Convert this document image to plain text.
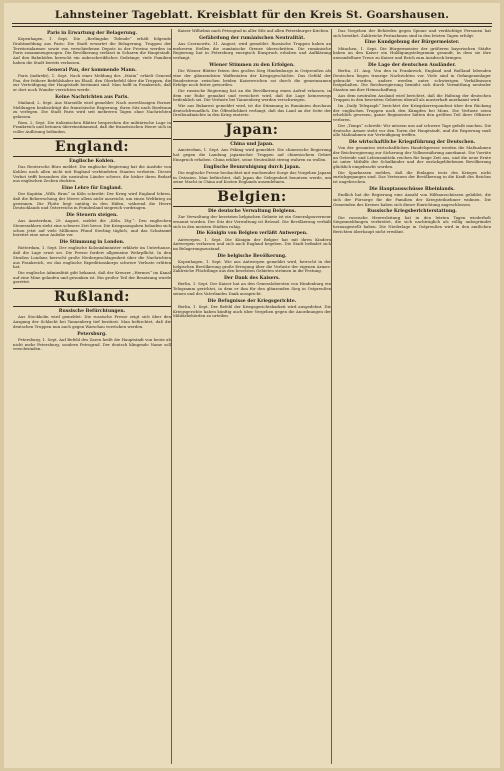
Lahnsteiner Tageblatt. Kreisblatt für den Kreis St. Goarshausen.

Paris in Erwartung der Belagerung.

Kopenhagen, 1. Sept. Die „Berlingske Tidende“ erhält folgende Drahtmeldung aus Paris: Die Stadt erwartet die Belagerung. Truppen der Territorialarmee sowie von verschiedenen Depots in der Provinz werden in Paris zusammengezogen. Die Bevölkerung verlässt in Scharen die Hauptstadt. Auf den Bahnhöfen herrscht ein unbeschreibliches Gedränge; viele Familien haben die Stadt bereits verlassen.

General Pau, der kommende Mann.

Paris (indirekt), 1. Sept. Nach einer Meldung des „Matin“ erhielt General Pau, der frühere Befehlshaber im Elsaß, den Oberbefehl über die Truppen, die zur Verteidigung der Hauptstadt bestimmt sind. Man hofft in Frankreich, daß er dort noch Wunder verrichten werde.

Keine Nachrichten aus Paris.

Mailand, 2. Sept. Aus Marseille wird gemeldet: Nach zuverlässigen Pariser Meldungen beabsichtigt die französische Regierung, ihren Sitz nach Bordeaux zu verlegen. Die Stadt Paris wird seit mehreren Tagen ohne Nachrichten gelassen.

Rom, 2. Sept. Die italienischen Blätter besprechen die militärische Lage in Frankreich und betonen übereinstimmend, daß die französischen Heere sich in voller Auflösung befänden.

England:

Englische Kohlen.

Das Reutersche Büro meldet: Die englische Regierung hat die Ausfuhr von Kohlen nach allen nicht mit England verbündeten Staaten verboten. Dieses Verbot trifft besonders die neutralen Länder schwer, die bisher ihren Bedarf aus englischen Zechen deckten.

Eine Lehre für England.

Der Kapitän „Wilh. Brun“ in Köln schreibt: Der Krieg wird England lehren, daß die Beherrschung der Meere allein nicht ausreicht, um einen Weltkrieg zu gewinnen. Die Flotte liegt untätig in den Häfen, während die Heere Deutschlands und Österreichs in Feindesland siegreich vordringen.

Die Steuern steigen.

Aus Amsterdam, 29. August, meldet die „Köln. Ztg.“: Den englischen Steuerzahlern steht eine schwere Zeit bevor. Die Kriegsausgaben belaufen sich schon jetzt auf viele Millionen Pfund Sterling täglich, und das Schatzamt bereitet eine neue Anleihe vor.

Die Stimmung in London.

Rotterdam, 1. Sept. Der englische Kolonialminister erklärte im Unterhause, daß die Lage ernst sei. Die Presse fordert allgemeine Wehrpflicht. In den Straßen Londons herrscht große Niedergeschlagenheit über die Nachrichten aus Frankreich, wo das englische Expeditionskorps schwere Verluste erlitten hat.

Die englische Admiralität gibt bekannt, daß der Kreuzer „Hermes“ im Kanal auf eine Mine gelaufen und gesunken ist. Ein großer Teil der Besatzung wurde gerettet.

Rußland:

Russische Befürchtungen.

Aus Stockholm wird gemeldet: Die russische Presse zeigt sich über den Ausgang der Schlacht bei Tannenberg tief bestürzt. Man befürchtet, daß die deutschen Truppen nun auch gegen Warschau vorrücken werden.

Petersburg.

Petersburg, 1. Sept. Auf Befehl des Zaren heißt die Hauptstadt von heute ab nicht mehr Petersburg, sondern Petrograd. Der deutsch klingende Name soll verschwinden.

Kaiser Wilhelms nach Petrograd in aller Eile auf allen Petersburger Kirchen.

Gefährdung der rumänischen Neutralität.

Aus Czernowitz, 31. August, wird gemeldet: Russische Truppen haben an mehreren Stellen die rumänische Grenze überschritten. Die rumänische Regierung hat in Petersburg energisch Einspruch erhoben und Aufklärung verlangt.

Wiener Stimmen zu den Erfolgen.

Die Wiener Blätter feiern den großen Sieg Hindenburgs in Ostpreußen als eine der glänzendsten Waffentaten der Kriegsgeschichte. Das Gefühl der Bundestreue zwischen beiden Kaiserreichen sei durch die gemeinsamen Erfolge noch fester geworden.

Die russische Regierung hat an die Bevölkerung einen Aufruf erlassen, in dem zur Ruhe gemahnt und versichert wird, daß die Lage keineswegs bedenklich sei. Die Verluste bei Tannenberg werden verschwiegen.

Wie aus Bukarest gemeldet wird, ist die Stimmung in Rumänien durchaus deutschfreundlich. Die Öffentlichkeit verlangt, daß das Land an der Seite der Dreibundmächte in den Krieg eintrete.

Japan:

China und Japan.

Amsterdam, 1. Sept. Aus Peking wird gemeldet: Die chinesische Regierung hat gegen die Landung japanischer Truppen auf chinesischem Gebiet Einspruch erhoben. China erklärt, seine Neutralität streng wahren zu wollen.

Englische Beunruhigung durch Japan.

Die englische Presse beobachtet mit wachsender Sorge das Vorgehen Japans in Ostasien. Man befürchtet, daß Japan die Gelegenheit benutzen werde, um seine Macht in China auf Kosten Englands auszudehnen.

Belgien:

Die deutsche Verwaltung Belgiens.

Zur Verwaltung der besetzten belgischen Gebiete ist ein Generalgouverneur ernannt worden. Der Sitz der Verwaltung ist Brüssel. Die Bevölkerung verhält sich in den meisten Städten ruhig.

Die Königin von Belgien verläßt Antwerpen.

Antwerpen, 1. Sept. Die Königin der Belgier hat mit ihren Kindern Antwerpen verlassen und sich nach England begeben. Die Stadt befindet sich im Belagerungszustand.

Die belgische Bevölkerung.

Kopenhagen, 1. Sept. Wie aus Antwerpen gemeldet wird, herrscht in der belgischen Bevölkerung große Erregung über die Verluste der eigenen Armee. Zahlreiche Flüchtlinge aus den besetzten Gebieten strömen in die Festung.

Der Dank des Kaisers.

Berlin, 1. Sept. Der Kaiser hat an den Generalobersten von Hindenburg ein Telegramm gerichtet, in dem er ihm für den glänzenden Sieg in Ostpreußen seinen und des Vaterlandes Dank ausspricht.

Die Befugnisse der Kriegsgerichte.

Berlin, 1. Sept. Der Befehl der Kriegsgerichtsbarkeit wird ausgedehnt. Die Kriegsgerichte haben künftig auch über Vergehen gegen die Anordnungen der Militärbehörden zu urteilen.

Das Vorgehen der Behörden gegen Spione und verdächtige Personen hat sich bewährt. Zahlreiche Festnahmen sind in den letzten Tagen erfolgt.

Eine Kundgebung der Bürgermeister.

München, 1. Sept. Die Bürgermeister der größeren bayerischen Städte haben an den Kaiser ein Huldigungstelegramm gesandt, in dem sie ihre unwandelbare Treue zu Kaiser und Reich zum Ausdruck bringen.

Die Lage der deutschen Ausländer.

Berlin, 31. Aug. Von den in Frankreich, England und Rußland lebenden Deutschen liegen traurige Nachrichten vor. Viele sind in Gefangenenlager gebracht worden, andere werden unter schwierigen Verhältnissen festgehalten. Die Reichsregierung bemüht sich durch Vermittlung neutraler Staaten um ihre Heimschaffung.

Aus dem neutralen Ausland wird berichtet, daß die Haltung der deutschen Truppen in den besetzten Gebieten überall als musterhaft anerkannt wird.

Im „Daily Telegraph“ berichtet der Kriegskorrespondent über den Rückzug der englischen Truppen nach den Kämpfen bei Mons. Die Verluste seien erheblich gewesen; ganze Regimenter hätten den größten Teil ihrer Offiziere verloren.

Der „Temps“ schreibt: Wir müssen uns auf schwere Tage gefaßt machen. Die deutsche Armee steht vor den Toren der Hauptstadt, und die Regierung muß alle Maßnahmen zur Verteidigung treffen.

Die wirtschaftliche Kriegsführung der Deutschen.

Von der gesamten wirtschaftlichen Handelspresse werden die Maßnahmen der Reichsregierung zur Sicherung der Volksernährung anerkannt. Die Vorräte an Getreide und Lebensmitteln reichen für lange Zeit aus, und die neue Ernte ist unter Mithilfe der Schulkinder und der zurückgebliebenen Bevölkerung glücklich eingebracht worden.

Die Sparkassen melden, daß die Einlagen trotz des Krieges nicht zurückgegangen sind. Das Vertrauen der Bevölkerung in die Kraft des Reiches ist ungebrochen.

Die Hauptausschüsse Rheinlands.

Endlich hat die Regierung eine Anzahl von Hilfsausschüssen gebildet, die sich der Fürsorge für die Familien der Kriegsteilnehmer widmen. Die Gemeinden des Kreises haben sich dieser Einrichtung angeschlossen.

Russische Kriegsberichterstattung.

Die russische Heeresleitung hat in den letzten Tagen wiederholt Siegesmeldungen verbreitet, die sich nachträglich als völlig unbegründet herausgestellt haben. Die Niederlage in Ostpreußen wird in den amtlichen Berichten überhaupt nicht erwähnt.
